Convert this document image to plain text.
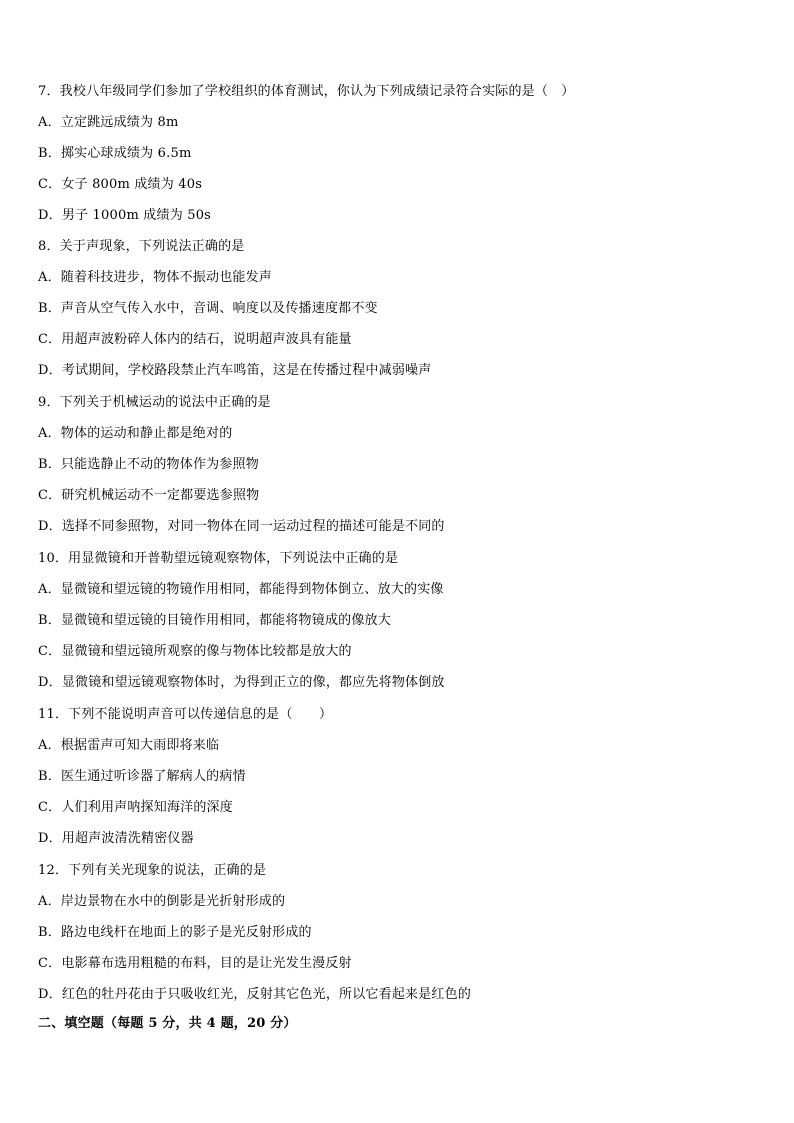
7．我校八年级同学们参加了学校组织的体育测试，你认为下列成绩记录符合实际的是（　）
A．立定跳远成绩为 8m
B．掷实心球成绩为 6.5m
C．女子 800m 成绩为 40s
D．男子 1000m 成绩为 50s
8．关于声现象，下列说法正确的是
A．随着科技进步，物体不振动也能发声
B．声音从空气传入水中，音调、响度以及传播速度都不变
C．用超声波粉碎人体内的结石，说明超声波具有能量
D．考试期间，学校路段禁止汽车鸣笛，这是在传播过程中减弱噪声
9．下列关于机械运动的说法中正确的是
A．物体的运动和静止都是绝对的
B．只能选静止不动的物体作为参照物
C．研究机械运动不一定都要选参照物
D．选择不同参照物，对同一物体在同一运动过程的描述可能是不同的
10．用显微镜和开普勒望远镜观察物体，下列说法中正确的是
A．显微镜和望远镜的物镜作用相同，都能得到物体倒立、放大的实像
B．显微镜和望远镜的目镜作用相同，都能将物镜成的像放大
C．显微镜和望远镜所观察的像与物体比较都是放大的
D．显微镜和望远镜观察物体时，为得到正立的像，都应先将物体倒放
11．下列不能说明声音可以传递信息的是（　　）
A．根据雷声可知大雨即将来临
B．医生通过听诊器了解病人的病情
C．人们利用声呐探知海洋的深度
D．用超声波清洗精密仪器
12．下列有关光现象的说法，正确的是
A．岸边景物在水中的倒影是光折射形成的
B．路边电线杆在地面上的影子是光反射形成的
C．电影幕布选用粗糙的布料，目的是让光发生漫反射
D．红色的牡丹花由于只吸收红光，反射其它色光，所以它看起来是红色的
二、填空题（每题 5 分，共 4 题，20 分）
